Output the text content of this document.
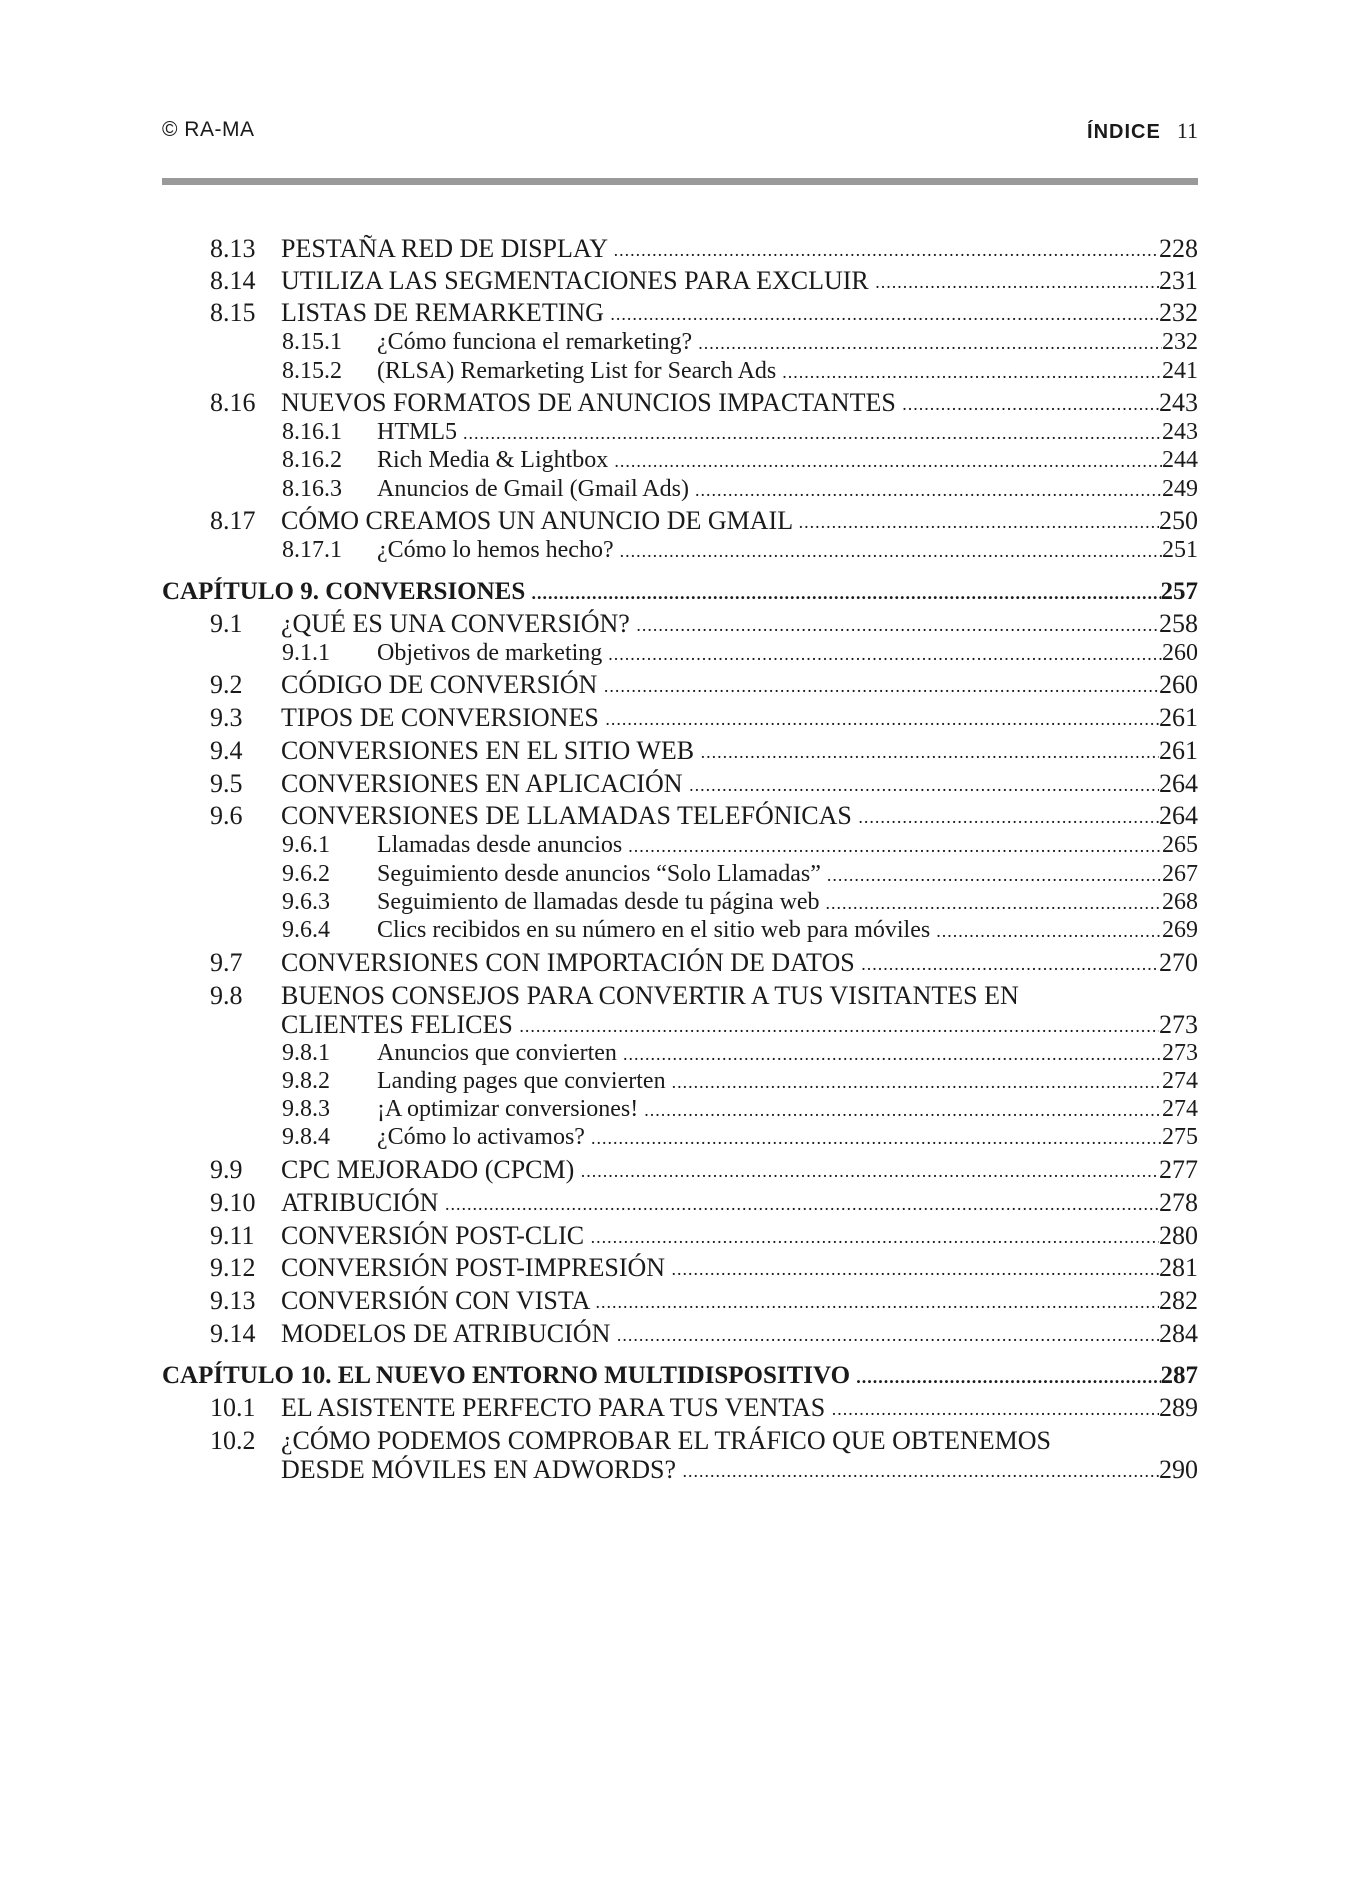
© RA-MA	ÍNDICE 11
8.13 PESTAÑA RED DE DISPLAY .....	228
8.14 UTILIZA LAS SEGMENTACIONES PARA EXCLUIR .....	231
8.15 LISTAS DE REMARKETING .....	232
8.15.1 ¿Cómo funciona el remarketing? .....	232
8.15.2 (RLSA) Remarketing List for Search Ads .....	241
8.16 NUEVOS FORMATOS DE ANUNCIOS IMPACTANTES .....	243
8.16.1 HTML5 .....	243
8.16.2 Rich Media & Lightbox .....	244
8.16.3 Anuncios de Gmail (Gmail Ads) .....	249
8.17 CÓMO CREAMOS UN ANUNCIO DE GMAIL .....	250
8.17.1 ¿Cómo lo hemos hecho? .....	251
CAPÍTULO 9. CONVERSIONES .....	257
9.1 ¿QUÉ ES UNA CONVERSIÓN? .....	258
9.1.1 Objetivos de marketing .....	260
9.2 CÓDIGO DE CONVERSIÓN .....	260
9.3 TIPOS DE CONVERSIONES .....	261
9.4 CONVERSIONES EN EL SITIO WEB .....	261
9.5 CONVERSIONES EN APLICACIÓN .....	264
9.6 CONVERSIONES DE LLAMADAS TELEFÓNICAS .....	264
9.6.1 Llamadas desde anuncios .....	265
9.6.2 Seguimiento desde anuncios “Solo Llamadas” .....	267
9.6.3 Seguimiento de llamadas desde tu página web .....	268
9.6.4 Clics recibidos en su número en el sitio web para móviles .....	269
9.7 CONVERSIONES CON IMPORTACIÓN DE DATOS .....	270
9.8 BUENOS CONSEJOS PARA CONVERTIR A TUS VISITANTES EN
CLIENTES FELICES .....	273
9.8.1 Anuncios que convierten .....	273
9.8.2 Landing pages que convierten .....	274
9.8.3 ¡A optimizar conversiones! .....	274
9.8.4 ¿Cómo lo activamos? .....	275
9.9 CPC MEJORADO (CPCM) .....	277
9.10 ATRIBUCIÓN .....	278
9.11 CONVERSIÓN POST-CLIC .....	280
9.12 CONVERSIÓN POST-IMPRESIÓN .....	281
9.13 CONVERSIÓN CON VISTA .....	282
9.14 MODELOS DE ATRIBUCIÓN .....	284
CAPÍTULO 10. EL NUEVO ENTORNO MULTIDISPOSITIVO .....	287
10.1 EL ASISTENTE PERFECTO PARA TUS VENTAS .....	289
10.2 ¿CÓMO PODEMOS COMPROBAR EL TRÁFICO QUE OBTENEMOS
DESDE MÓVILES EN ADWORDS? .....	290
